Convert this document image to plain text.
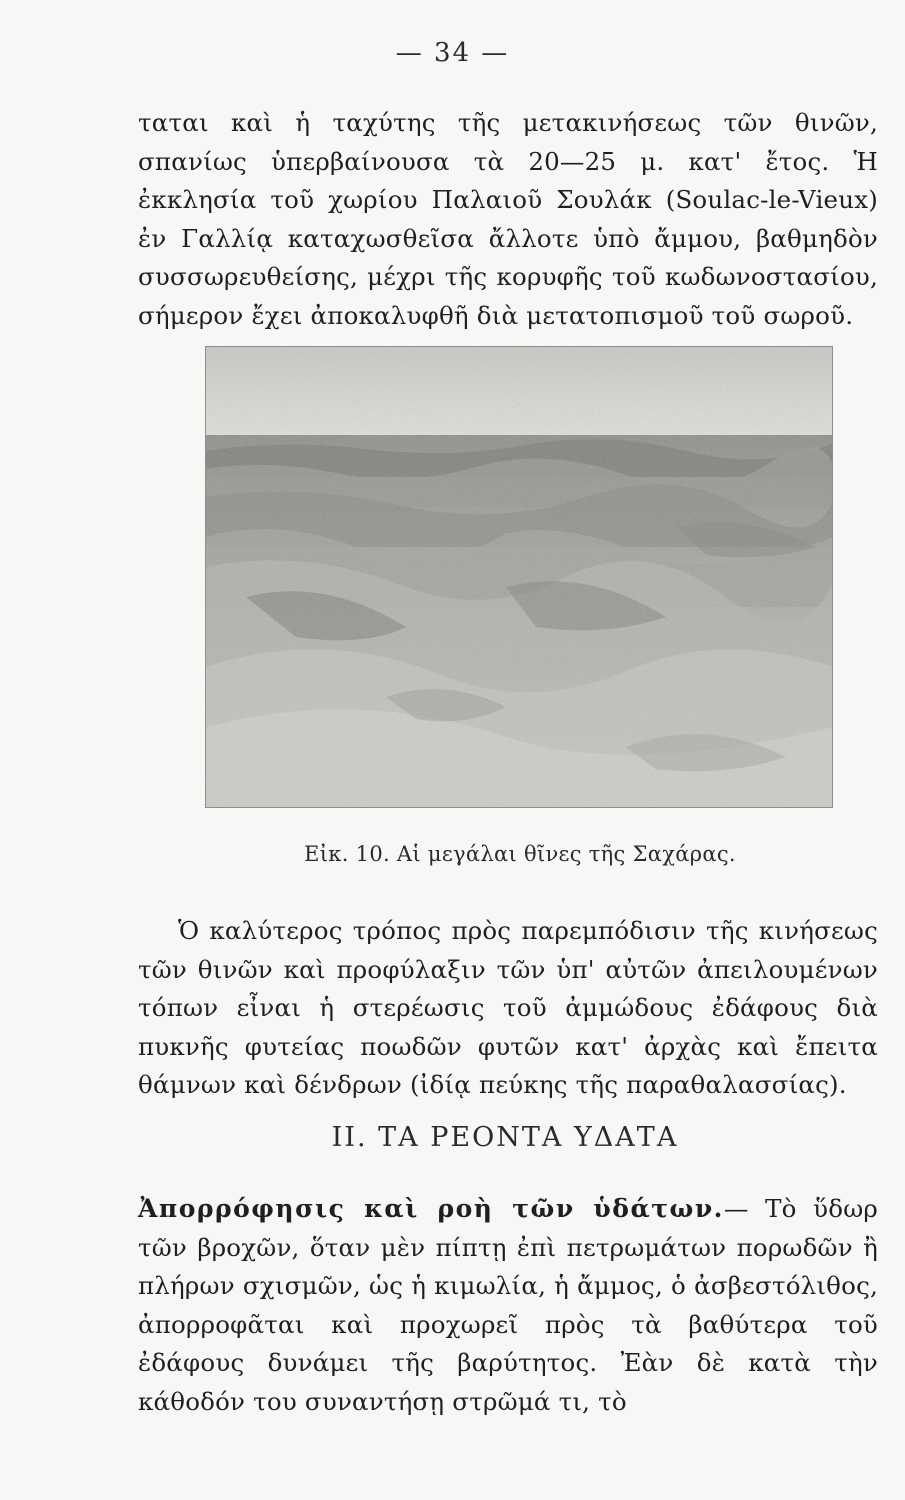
— 34 —

ταται καὶ ἡ ταχύτης τῆς μετακινήσεως τῶν θινῶν, σπανίως ὑπερβαίνουσα τὰ 20—25 μ. κατ' ἔτος. Ἡ ἐκκλησία τοῦ χωρίου Παλαιοῦ Σουλάκ (Soulac-le-Vieux) ἐν Γαλλίᾳ καταχωσθεῖσα ἄλλοτε ὑπὸ ἄμμου, βαθμηδὸν συσσωρευθείσης, μέχρι τῆς κορυφῆς τοῦ κωδωνοστασίου, σήμερον ἔχει ἀποκαλυφθῆ διὰ μετατοπισμοῦ τοῦ σωροῦ.

Εἰκ. 10. Αἱ μεγάλαι θῖνες τῆς Σαχάρας.

Ὁ καλύτερος τρόπος πρὸς παρεμπόδισιν τῆς κινήσεως τῶν θινῶν καὶ προφύλαξιν τῶν ὑπ' αὐτῶν ἀπειλουμένων τόπων εἶναι ἡ στερέωσις τοῦ ἀμμώδους ἐδάφους διὰ πυκνῆς φυτείας ποωδῶν φυτῶν κατ' ἀρχὰς καὶ ἔπειτα θάμνων καὶ δένδρων (ἰδίᾳ πεύκης τῆς παραθαλασσίας).

II. ΤΑ ΡΕΟΝΤΑ ΥΔΑΤΑ

Ἀπορρόφησις καὶ ροὴ τῶν ὑδάτων.— Τὸ ὕδωρ τῶν βροχῶν, ὅταν μὲν πίπτῃ ἐπὶ πετρωμάτων πορωδῶν ἢ πλήρων σχισμῶν, ὡς ἡ κιμωλία, ἡ ἄμμος, ὁ ἀσβεστόλιθος, ἀπορροφᾶται καὶ προχωρεῖ πρὸς τὰ βαθύτερα τοῦ ἐδάφους δυνάμει τῆς βαρύτητος. Ἐὰν δὲ κατὰ τὴν κάθοδόν του συναντήσῃ στρῶμά τι, τὸ
